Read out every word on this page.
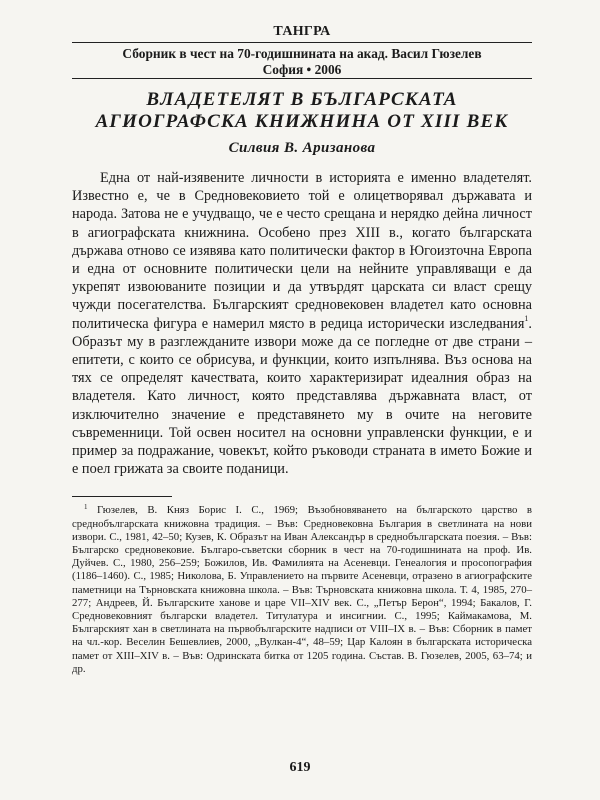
ТАНГРА
Сборник в чест на 70-годишнината на акад. Васил Гюзелев
София • 2006
ВЛАДЕТЕЛЯТ В БЪЛГАРСКАТА
АГИОГРАФСКА КНИЖНИНА ОТ XIII ВЕК
Силвия В. Аризанова

Една от най-изявените личности в историята е именно владетелят. Известно е, че в Средновековието той е олицетворявал държавата и народа. Затова не е учудващо, че е често срещана и нерядко дейна личност в агиографската книжнина. Особено през XIII в., когато българската държава отново се изявява като политически фактор в Югоизточна Европа и една от основните политически цели на нейните управляващи е да укрепят извоюваните позиции и да утвърдят царската си власт срещу чужди посегателства. Българският средновековен владетел като основна политическа фигура е намерил място в редица исторически изследвания$^1$. Образът му в разглежданите извори може да се погледне от две страни – епитети, с които се обрисува, и функции, които изпълнява. Въз основа на тях се определят качествата, които характеризират идеалния образ на владетеля. Като личност, която представлява държавната власт, от изключително значение е представянето му в очите на неговите съвременници. Той освен носител на основни управленски функции, е и пример за подражание, човекът, който ръководи страната в името Божие и е поел грижата за своите поданици.

$^1$ Гюзелев, В. Княз Борис I. С., 1969; Възобновяването на българското царство в среднобългарската книжовна традиция. – Във: Средновековна България в светлината на нови извори. С., 1981, 42–50; Кузев, К. Образът на Иван Александър в среднобългарската поезия. – Във: Българско средновековие. Българо-съветски сборник в чест на 70-годишнината на проф. Ив. Дуйчев. С., 1980, 256–259; Божилов, Ив. Фамилията на Асеневци. Генеалогия и просопография (1186–1460). С., 1985; Николова, Б. Управлението на първите Асеневци, отразено в агиографските паметници на Търновската книжовна школа. – Във: Търновската книжовна школа. Т. 4, 1985, 270–277; Андреев, Й. Българските ханове и царе VII–XIV век. С., „Петър Берон“, 1994; Бакалов, Г. Средновековният български владетел. Титулатура и инсигнии. С., 1995; Каймакамова, М. Българският хан в светлината на първобългарските надписи от VIII–IX в. – Във: Сборник в памет на чл.-кор. Веселин Бешевлиев, 2000, „Вулкан-4“, 48–59; Цар Калоян в българската историческа памет от XIII–XIV в. – Във: Одринската битка от 1205 година. Състав. В. Гюзелев, 2005, 63–74; и др.

619
